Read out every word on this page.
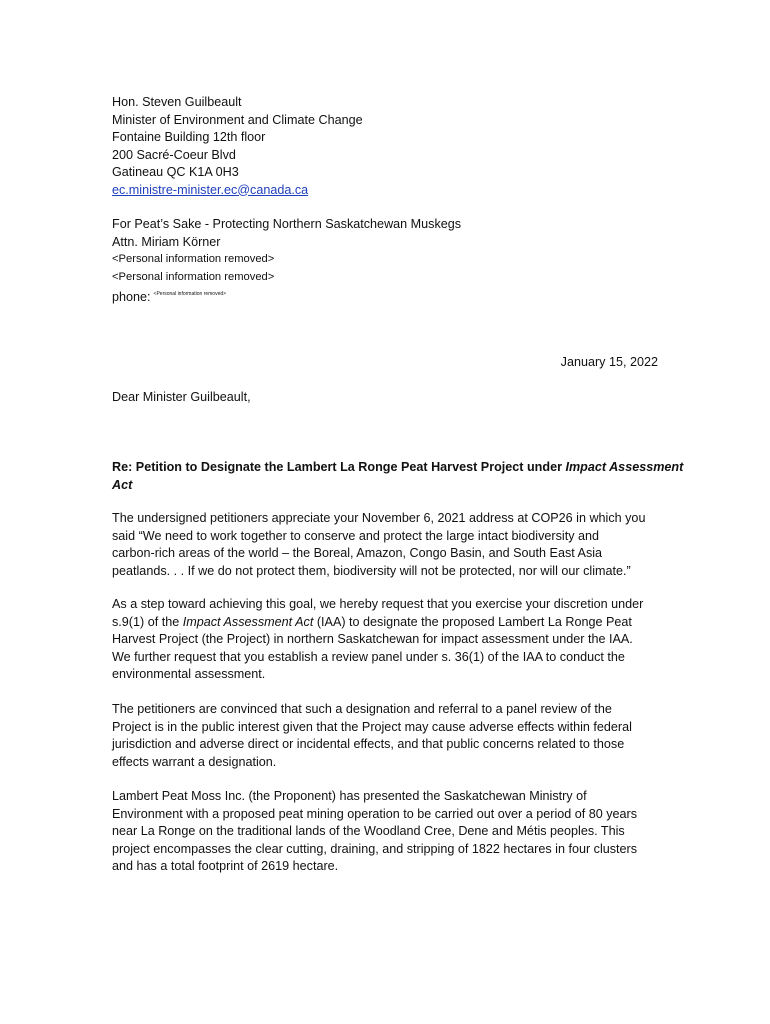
Hon. Steven Guilbeault
Minister of Environment and Climate Change
Fontaine Building 12th floor
200 Sacré-Coeur Blvd
Gatineau QC K1A 0H3
ec.ministre-minister.ec@canada.ca
For Peat’s Sake - Protecting Northern Saskatchewan Muskegs
Attn. Miriam Körner
<Personal information removed>
<Personal information removed>
phone: $^{<Personal information removed>}$
January 15, 2022
Dear Minister Guilbeault,
Re: Petition to Designate the Lambert La Ronge Peat Harvest Project under Impact Assessment
Act
The undersigned petitioners appreciate your November 6, 2021 address at COP26 in which you
said “We need to work together to conserve and protect the large intact biodiversity and
carbon-rich areas of the world – the Boreal, Amazon, Congo Basin, and South East Asia
peatlands. . . If we do not protect them, biodiversity will not be protected, nor will our climate.”
As a step toward achieving this goal, we hereby request that you exercise your discretion under
s.9(1) of the Impact Assessment Act (IAA) to designate the proposed Lambert La Ronge Peat
Harvest Project (the Project) in northern Saskatchewan for impact assessment under the IAA.
We further request that you establish a review panel under s. 36(1) of the IAA to conduct the
environmental assessment.
The petitioners are convinced that such a designation and referral to a panel review of the
Project is in the public interest given that the Project may cause adverse effects within federal
jurisdiction and adverse direct or incidental effects, and that public concerns related to those
effects warrant a designation.
Lambert Peat Moss Inc. (the Proponent) has presented the Saskatchewan Ministry of
Environment with a proposed peat mining operation to be carried out over a period of 80 years
near La Ronge on the traditional lands of the Woodland Cree, Dene and Métis peoples. This
project encompasses the clear cutting, draining, and stripping of 1822 hectares in four clusters
and has a total footprint of 2619 hectare.
